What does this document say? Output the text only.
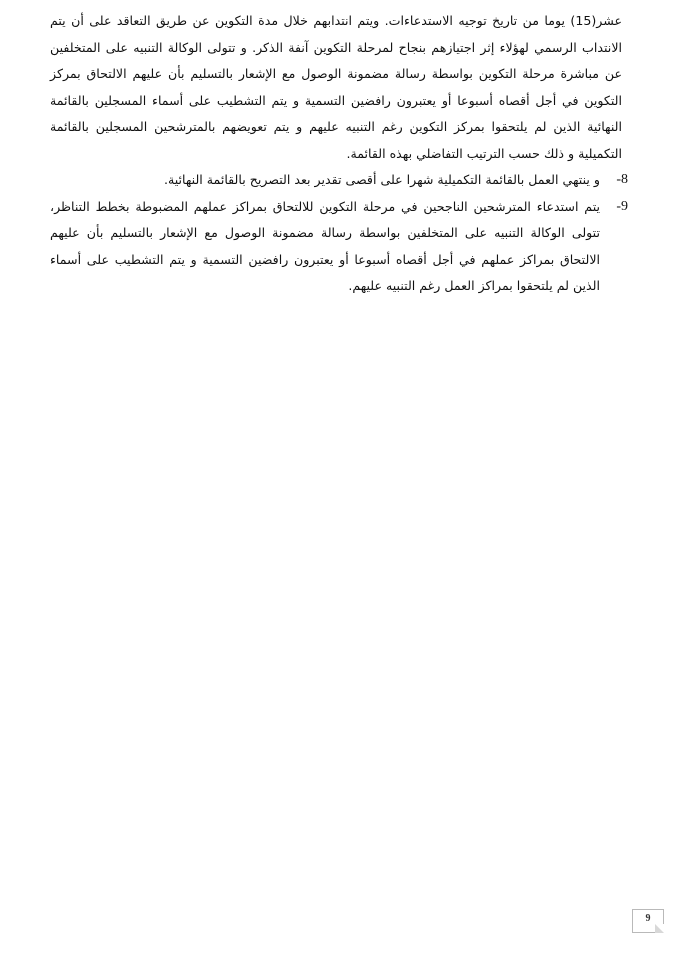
عشر(15) يوما من تاريخ توجيه الاستدعاءات. ويتم انتدابهم خلال مدة التكوين عن طريق التعاقد على أن يتم الانتداب الرسمي لهؤلاء إثر اجتيازهم بنجاح لمرحلة التكوين آنفة الذكر. و تتولى الوكالة التنبيه على المتخلفين عن مباشرة مرحلة التكوين بواسطة رسالة مضمونة الوصول مع الإشعار بالتسليم بأن عليهم الالتحاق بمركز التكوين في أجل أقصاه أسبوعا أو يعتبرون رافضين التسمية و يتم التشطيب على أسماء المسجلين بالقائمة النهائية الذين لم يلتحقوا بمركز التكوين رغم التنبيه عليهم و يتم تعويضهم بالمترشحين المسجلين بالقائمة التكميلية و ذلك حسب الترتيب التفاضلي بهذه القائمة.

-8
و ينتهي العمل بالقائمة التكميلية شهرا على أقصى تقدير بعد التصريح بالقائمة النهائية.

-9
يتم استدعاء المترشحين الناجحين في مرحلة التكوين للالتحاق بمراكز عملهم المضبوطة بخطط التناظر، تتولى الوكالة التنبيه على المتخلفين بواسطة رسالة مضمونة الوصول مع الإشعار بالتسليم بأن عليهم الالتحاق بمراكز عملهم في أجل أقصاه أسبوعا أو يعتبرون رافضين التسمية و يتم التشطيب على أسماء الذين لم يلتحقوا بمراكز العمل رغم التنبيه عليهم.

9
